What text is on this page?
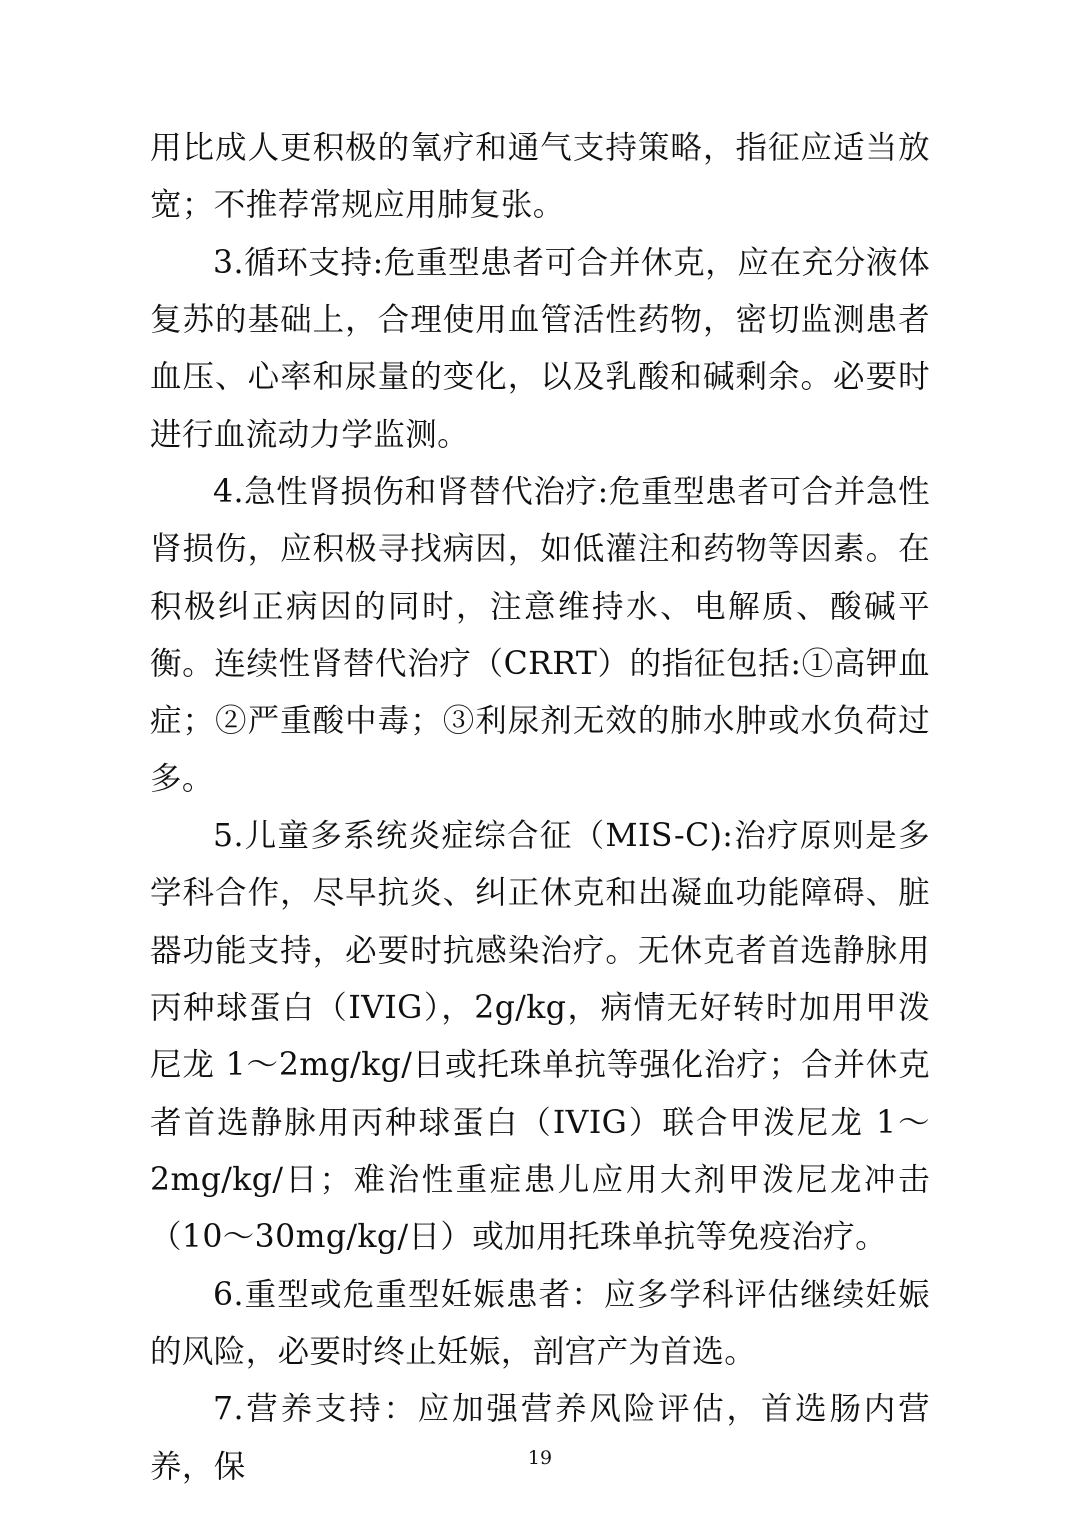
用比成人更积极的氧疗和通气支持策略，指征应适当放宽；不推荐常规应用肺复张。

3.循环支持:危重型患者可合并休克，应在充分液体复苏的基础上，合理使用血管活性药物，密切监测患者血压、心率和尿量的变化，以及乳酸和碱剩余。必要时进行血流动力学监测。

4.急性肾损伤和肾替代治疗:危重型患者可合并急性肾损伤，应积极寻找病因，如低灌注和药物等因素。在积极纠正病因的同时，注意维持水、电解质、酸碱平衡。连续性肾替代治疗（CRRT）的指征包括:①高钾血症；②严重酸中毒；③利尿剂无效的肺水肿或水负荷过多。

5.儿童多系统炎症综合征（MIS-C):治疗原则是多学科合作，尽早抗炎、纠正休克和出凝血功能障碍、脏器功能支持，必要时抗感染治疗。无休克者首选静脉用丙种球蛋白（IVIG），2g/kg，病情无好转时加用甲泼尼龙 1～2mg/kg/日或托珠单抗等强化治疗；合并休克者首选静脉用丙种球蛋白（IVIG）联合甲泼尼龙 1～2mg/kg/日；难治性重症患儿应用大剂甲泼尼龙冲击（10～30mg/kg/日）或加用托珠单抗等免疫治疗。

6.重型或危重型妊娠患者：应多学科评估继续妊娠的风险，必要时终止妊娠，剖宫产为首选。

7.营养支持：应加强营养风险评估，首选肠内营养，保	19
